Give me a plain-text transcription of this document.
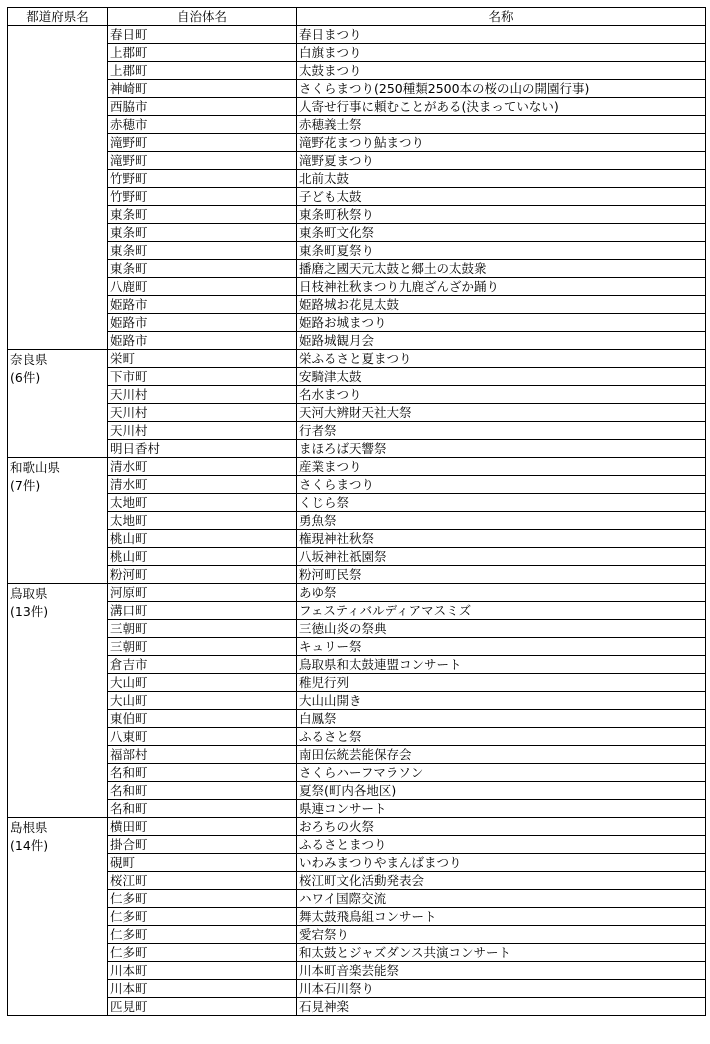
都道府県名	自治体名	名称

	春日町	春日まつり
	上郡町	白旗まつり
	上郡町	太鼓まつり
	神崎町	さくらまつり(250種類2500本の桜の山の開園行事)
	西脇市	人寄せ行事に頼むことがある(決まっていない)
	赤穂市	赤穂義士祭
	滝野町	滝野花まつり鮎まつり
	滝野町	滝野夏まつり
	竹野町	北前太鼓
	竹野町	子ども太鼓
	東条町	東条町秋祭り
	東条町	東条町文化祭
	東条町	東条町夏祭り
	東条町	播磨之國天元太鼓と郷土の太鼓衆
	八鹿町	日枝神社秋まつり九鹿ざんざか踊り
	姫路市	姫路城お花見太鼓
	姫路市	姫路お城まつり
	姫路市	姫路城観月会

奈良県
(6件)	栄町	栄ふるさと夏まつり
	下市町	安騎津太鼓
	天川村	名水まつり
	天川村	天河大辨財天社大祭
	天川村	行者祭
	明日香村	まほろば天響祭

和歌山県
(7件)	清水町	産業まつり
	清水町	さくらまつり
	太地町	くじら祭
	太地町	勇魚祭
	桃山町	権現神社秋祭
	桃山町	八坂神社祇園祭
	粉河町	粉河町民祭

鳥取県
(13件)	河原町	あゆ祭
	溝口町	フェスティバルディアマスミズ
	三朝町	三徳山炎の祭典
	三朝町	キュリー祭
	倉吉市	鳥取県和太鼓連盟コンサート
	大山町	稚児行列
	大山町	大山山開き
	東伯町	白鳳祭
	八東町	ふるさと祭
	福部村	南田伝統芸能保存会
	名和町	さくらハーフマラソン
	名和町	夏祭(町内各地区)
	名和町	県連コンサート

島根県
(14件)	横田町	おろちの火祭
	掛合町	ふるさとまつり
	硯町	いわみまつりやまんばまつり
	桜江町	桜江町文化活動発表会
	仁多町	ハワイ国際交流
	仁多町	舞太鼓飛鳥組コンサート
	仁多町	愛宕祭り
	仁多町	和太鼓とジャズダンス共演コンサート
	川本町	川本町音楽芸能祭
	川本町	川本石川祭り
	匹見町	石見神楽
